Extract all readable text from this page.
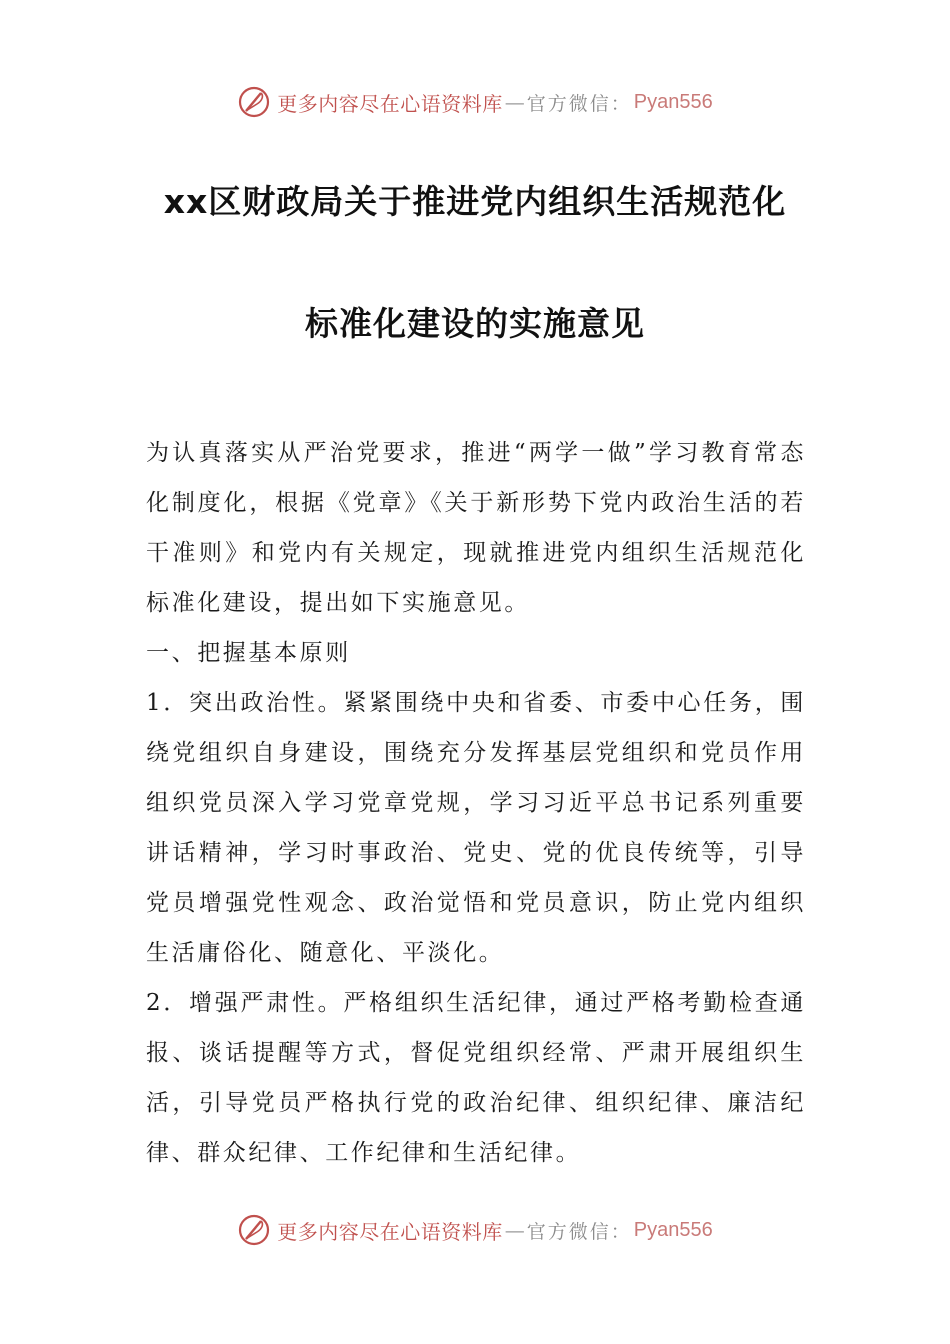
更多内容尽在心语资料库 — 官方微信： Pyan556
xx区财政局关于推进党内组织生活规范化
标准化建设的实施意见

为认真落实从严治党要求，推进“两学一做”学习教育常态化制度化，根据《党章》《关于新形势下党内政治生活的若干准则》和党内有关规定，现就推进党内组织生活规范化标准化建设，提出如下实施意见。

一、把握基本原则

1．突出政治性。紧紧围绕中央和省委、市委中心任务，围绕党组织自身建设，围绕充分发挥基层党组织和党员作用组织党员深入学习党章党规，学习习近平总书记系列重要讲话精神，学习时事政治、党史、党的优良传统等，引导党员增强党性观念、政治觉悟和党员意识，防止党内组织生活庸俗化、随意化、平淡化。

2．增强严肃性。严格组织生活纪律，通过严格考勤检查通报、谈话提醒等方式，督促党组织经常、严肃开展组织生活，引导党员严格执行党的政治纪律、组织纪律、廉洁纪律、群众纪律、工作纪律和生活纪律。

更多内容尽在心语资料库 — 官方微信： Pyan556
